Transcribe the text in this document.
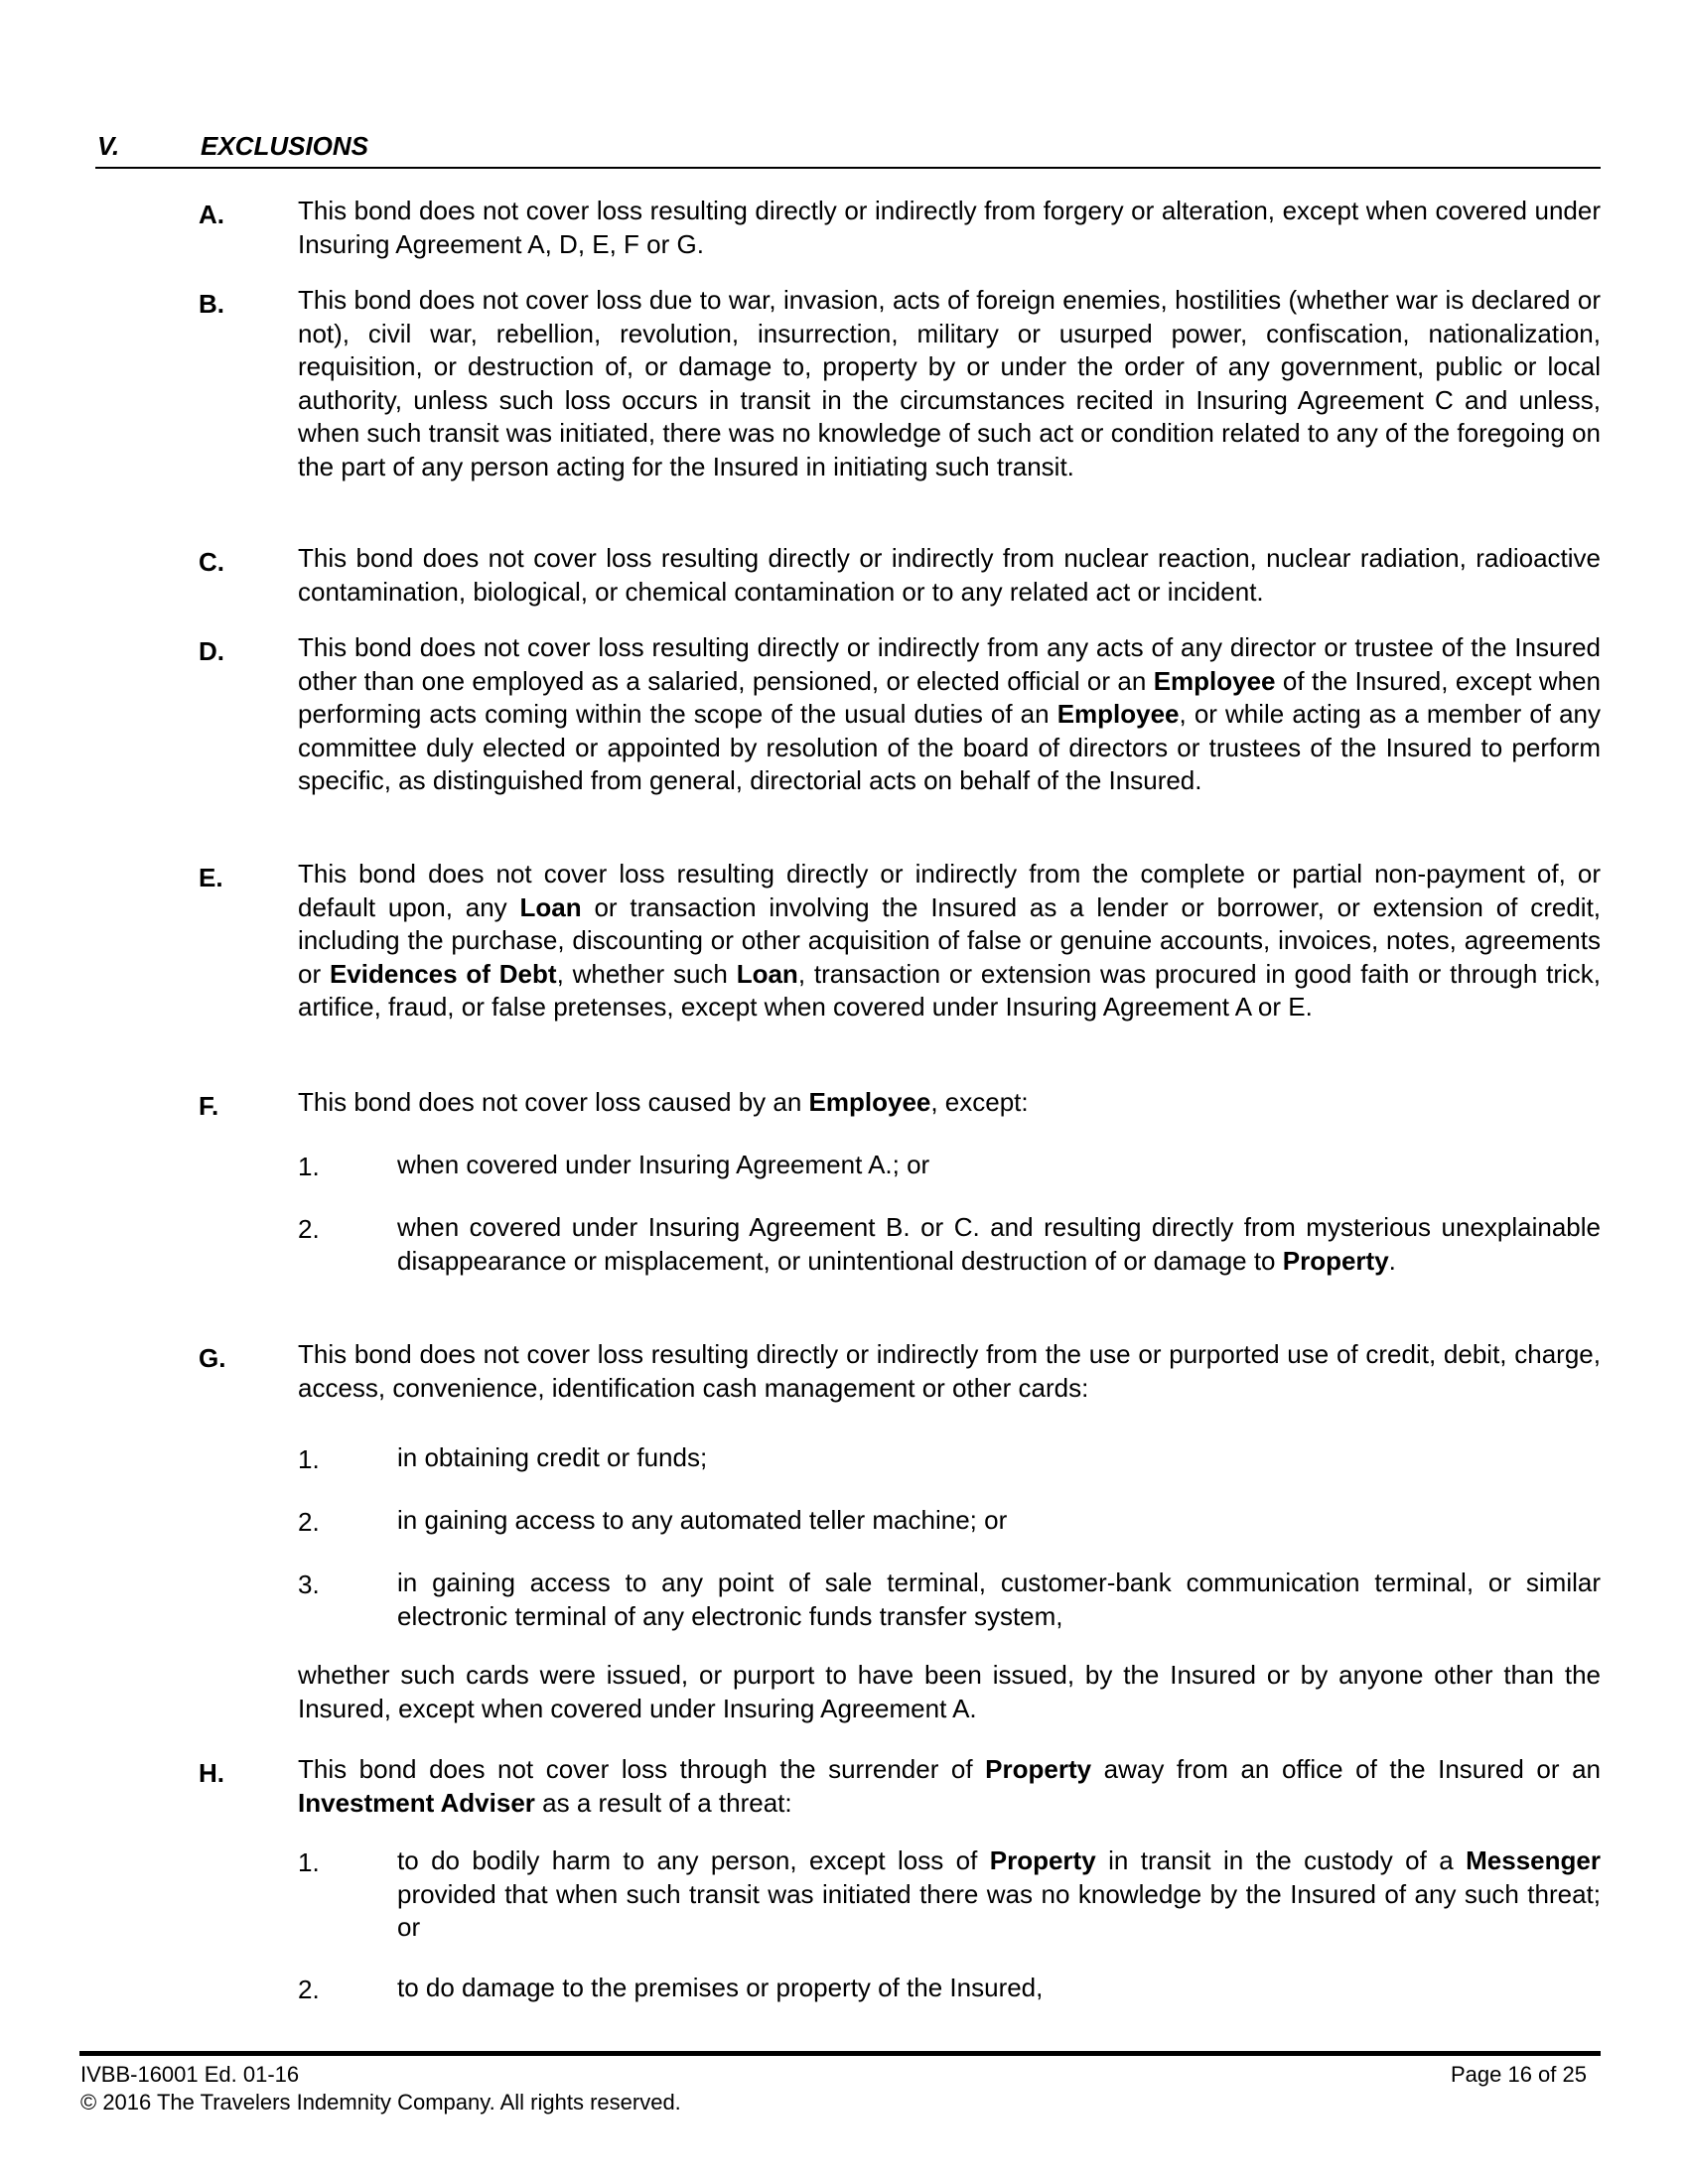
V.	EXCLUSIONS
A.	This bond does not cover loss resulting directly or indirectly from forgery or alteration, except when covered under Insuring Agreement A, D, E, F or G.
B.	This bond does not cover loss due to war, invasion, acts of foreign enemies, hostilities (whether war is declared or not), civil war, rebellion, revolution, insurrection, military or usurped power, confiscation, nationalization, requisition, or destruction of, or damage to, property by or under the order of any government, public or local authority, unless such loss occurs in transit in the circumstances recited in Insuring Agreement C and unless, when such transit was initiated, there was no knowledge of such act or condition related to any of the foregoing on the part of any person acting for the Insured in initiating such transit.
C.	This bond does not cover loss resulting directly or indirectly from nuclear reaction, nuclear radiation, radioactive contamination, biological, or chemical contamination or to any related act or incident.
D.	This bond does not cover loss resulting directly or indirectly from any acts of any director or trustee of the Insured other than one employed as a salaried, pensioned, or elected official or an Employee of the Insured, except when performing acts coming within the scope of the usual duties of an Employee, or while acting as a member of any committee duly elected or appointed by resolution of the board of directors or trustees of the Insured to perform specific, as distinguished from general, directorial acts on behalf of the Insured.
E.	This bond does not cover loss resulting directly or indirectly from the complete or partial non-payment of, or default upon, any Loan or transaction involving the Insured as a lender or borrower, or extension of credit, including the purchase, discounting or other acquisition of false or genuine accounts, invoices, notes, agreements or Evidences of Debt, whether such Loan, transaction or extension was procured in good faith or through trick, artifice, fraud, or false pretenses, except when covered under Insuring Agreement A or E.
F.	This bond does not cover loss caused by an Employee, except:
1.	when covered under Insuring Agreement A.; or
2.	when covered under Insuring Agreement B. or C. and resulting directly from mysterious unexplainable disappearance or misplacement, or unintentional destruction of or damage to Property.
G.	This bond does not cover loss resulting directly or indirectly from the use or purported use of credit, debit, charge, access, convenience, identification cash management or other cards:
1.	in obtaining credit or funds;
2.	in gaining access to any automated teller machine; or
3.	in gaining access to any point of sale terminal, customer-bank communication terminal, or similar electronic terminal of any electronic funds transfer system,
whether such cards were issued, or purport to have been issued, by the Insured or by anyone other than the Insured, except when covered under Insuring Agreement A.
H.	This bond does not cover loss through the surrender of Property away from an office of the Insured or an Investment Adviser as a result of a threat:
1.	to do bodily harm to any person, except loss of Property in transit in the custody of a Messenger provided that when such transit was initiated there was no knowledge by the Insured of any such threat; or
2.	to do damage to the premises or property of the Insured,
IVBB-16001 Ed. 01-16
© 2016 The Travelers Indemnity Company. All rights reserved.
Page 16 of 25
